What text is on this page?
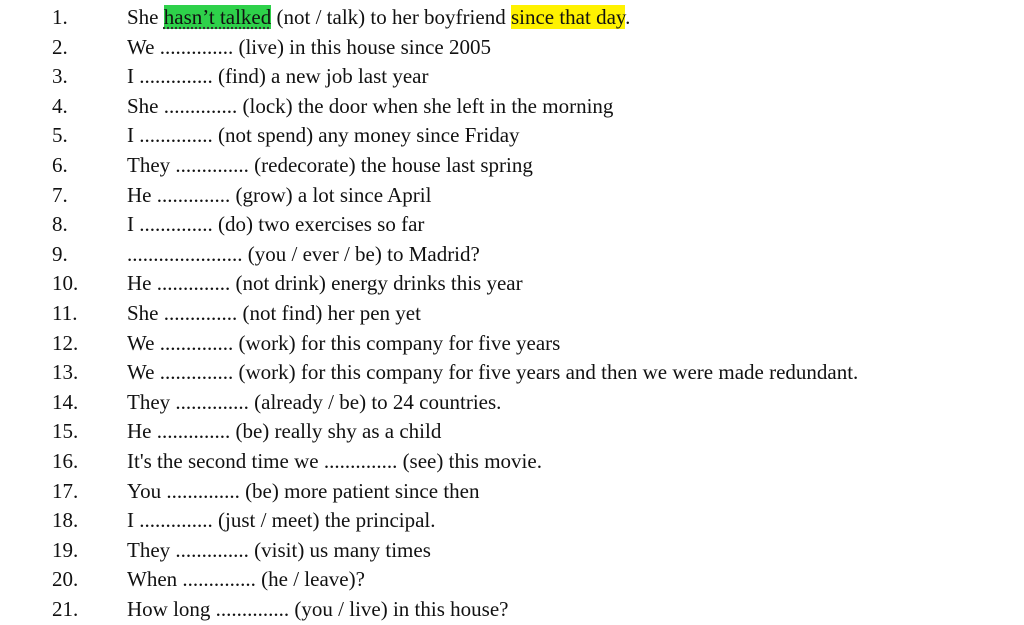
1.	She hasn’t talked (not / talk) to her boyfriend since that day.
2.	We .............. (live) in this house since 2005
3.	I .............. (find) a new job last year
4.	She .............. (lock) the door when she left in the morning
5.	I .............. (not spend) any money since Friday
6.	They .............. (redecorate) the house last spring
7.	He .............. (grow) a lot since April
8.	I .............. (do) two exercises so far
9.	...................... (you / ever / be) to Madrid?
10. He .............. (not drink) energy drinks this year
11. She .............. (not find) her pen yet
12. We .............. (work) for this company for five years
13. We .............. (work) for this company for five years and then we were made redundant.
14. They .............. (already / be) to 24 countries.
15. He .............. (be) really shy as a child
16. It's the second time we .............. (see) this movie.
17. You .............. (be) more patient since then
18. I .............. (just / meet) the principal.
19. They .............. (visit) us many times
20. When .............. (he / leave)?
21. How long .............. (you / live) in this house?
